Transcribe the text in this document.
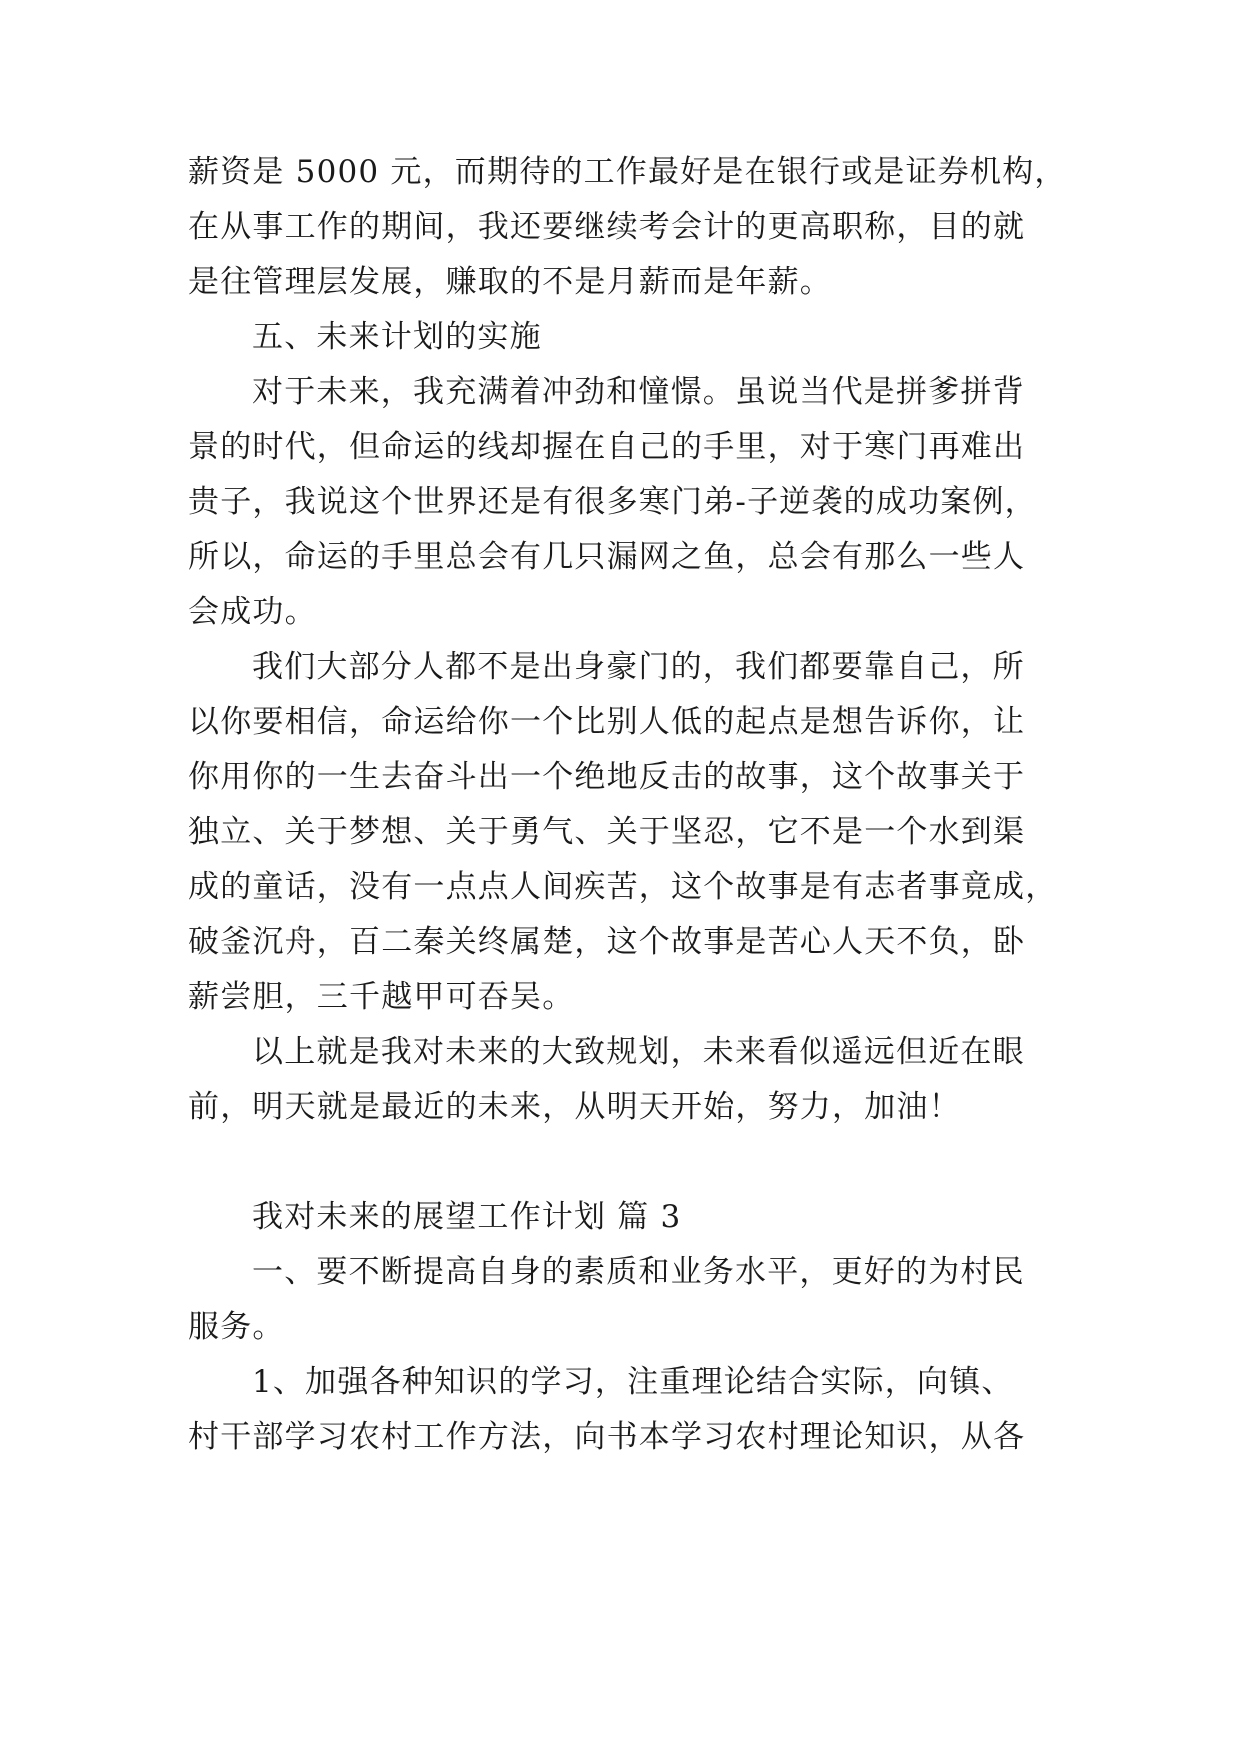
薪资是 5000 元，而期待的工作最好是在银行或是证券机构，
在从事工作的期间，我还要继续考会计的更高职称，目的就
是往管理层发展，赚取的不是月薪而是年薪。
五、未来计划的实施
对于未来，我充满着冲劲和憧憬。虽说当代是拼爹拼背
景的时代，但命运的线却握在自己的手里，对于寒门再难出
贵子，我说这个世界还是有很多寒门弟-子逆袭的成功案例，
所以，命运的手里总会有几只漏网之鱼，总会有那么一些人
会成功。
我们大部分人都不是出身豪门的，我们都要靠自己，所
以你要相信，命运给你一个比别人低的起点是想告诉你，让
你用你的一生去奋斗出一个绝地反击的故事，这个故事关于
独立、关于梦想、关于勇气、关于坚忍，它不是一个水到渠
成的童话，没有一点点人间疾苦，这个故事是有志者事竟成，
破釜沉舟，百二秦关终属楚，这个故事是苦心人天不负，卧
薪尝胆，三千越甲可吞吴。
以上就是我对未来的大致规划，未来看似遥远但近在眼
前，明天就是最近的未来，从明天开始，努力，加油！
我对未来的展望工作计划 篇 3
一、要不断提高自身的素质和业务水平，更好的为村民
服务。
1、加强各种知识的学习，注重理论结合实际，向镇、
村干部学习农村工作方法，向书本学习农村理论知识，从各
